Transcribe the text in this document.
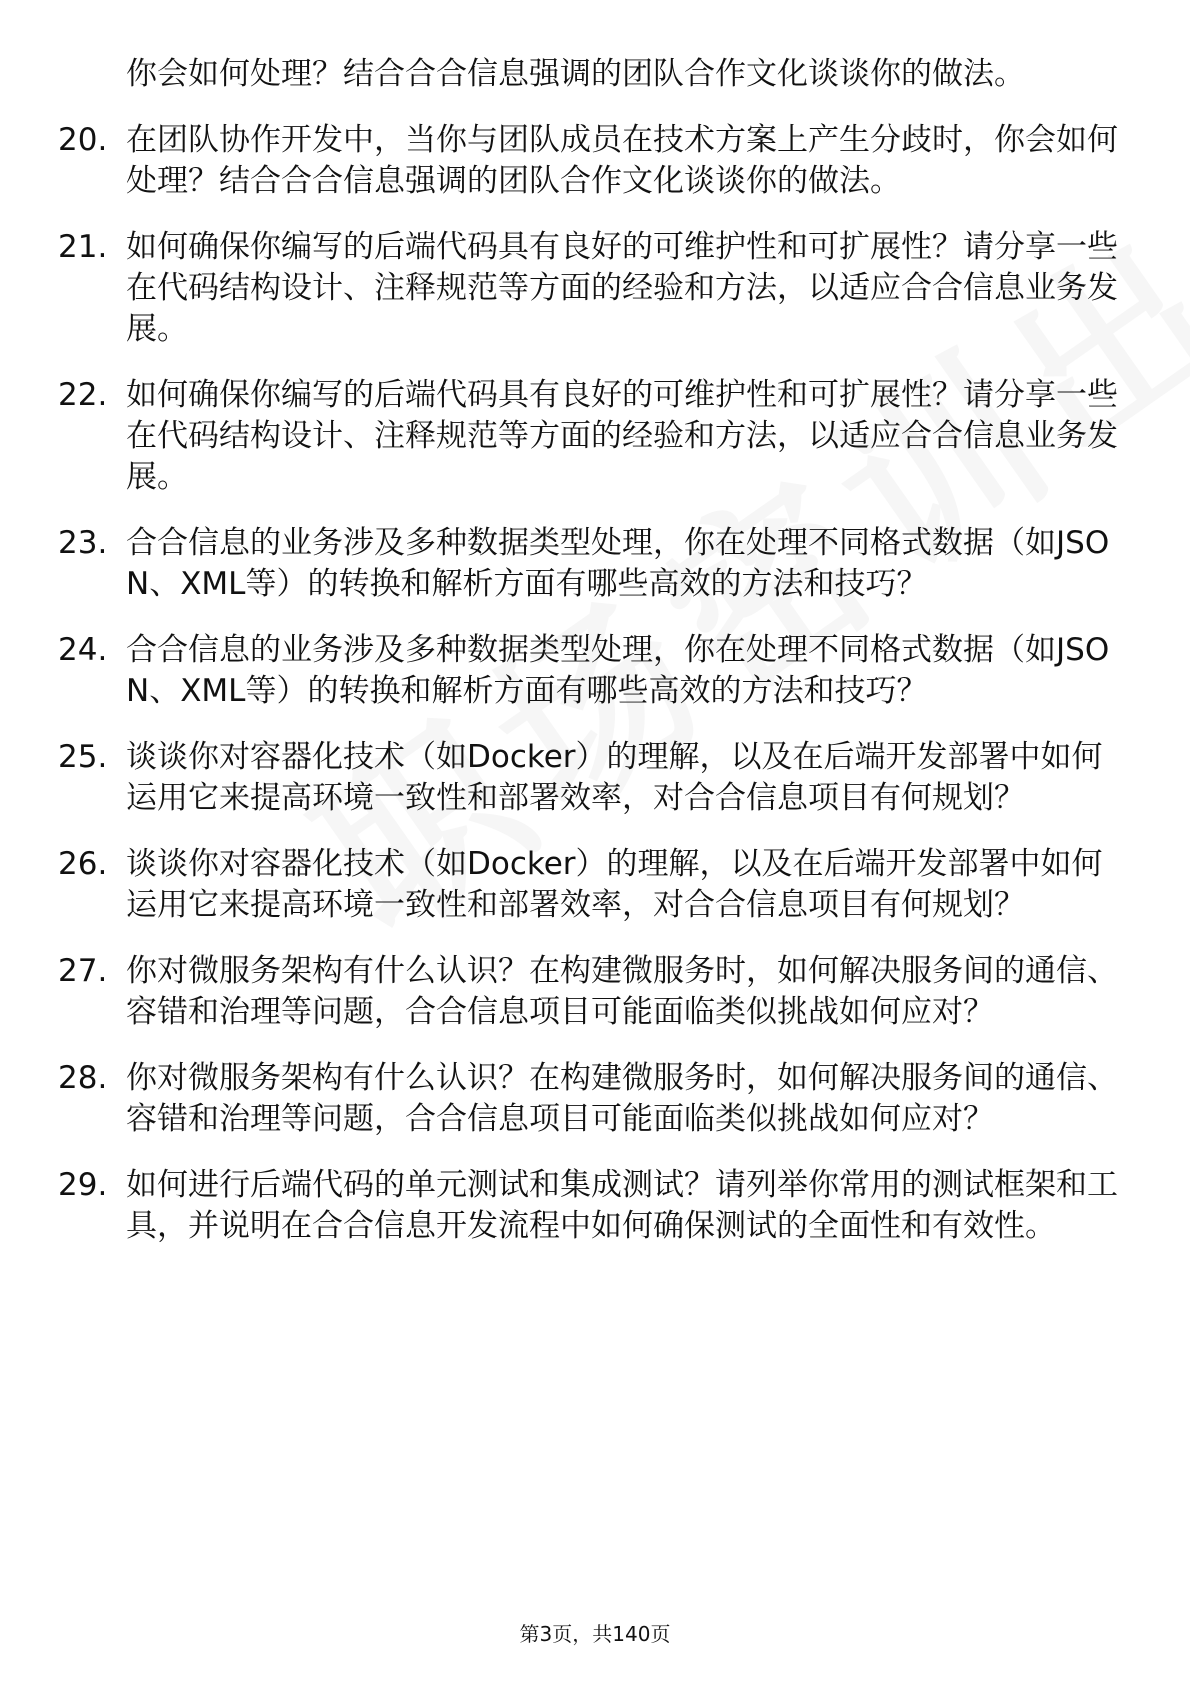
你会如何处理？结合合合信息强调的团队合作文化谈谈你的做法。
20. 在团队协作开发中，当你与团队成员在技术方案上产生分歧时，你会如何处理？结合合合信息强调的团队合作文化谈谈你的做法。
21. 如何确保你编写的后端代码具有良好的可维护性和可扩展性？请分享一些在代码结构设计、注释规范等方面的经验和方法，以适应合合信息业务发展。
22. 如何确保你编写的后端代码具有良好的可维护性和可扩展性？请分享一些在代码结构设计、注释规范等方面的经验和方法，以适应合合信息业务发展。
23. 合合信息的业务涉及多种数据类型处理，你在处理不同格式数据（如JSON、XML等）的转换和解析方面有哪些高效的方法和技巧？
24. 合合信息的业务涉及多种数据类型处理，你在处理不同格式数据（如JSON、XML等）的转换和解析方面有哪些高效的方法和技巧？
25. 谈谈你对容器化技术（如Docker）的理解，以及在后端开发部署中如何运用它来提高环境一致性和部署效率，对合合信息项目有何规划？
26. 谈谈你对容器化技术（如Docker）的理解，以及在后端开发部署中如何运用它来提高环境一致性和部署效率，对合合信息项目有何规划？
27. 你对微服务架构有什么认识？在构建微服务时，如何解决服务间的通信、容错和治理等问题，合合信息项目可能面临类似挑战如何应对？
28. 你对微服务架构有什么认识？在构建微服务时，如何解决服务间的通信、容错和治理等问题，合合信息项目可能面临类似挑战如何应对？
29. 如何进行后端代码的单元测试和集成测试？请列举你常用的测试框架和工具，并说明在合合信息开发流程中如何确保测试的全面性和有效性。
第3页，共140页
